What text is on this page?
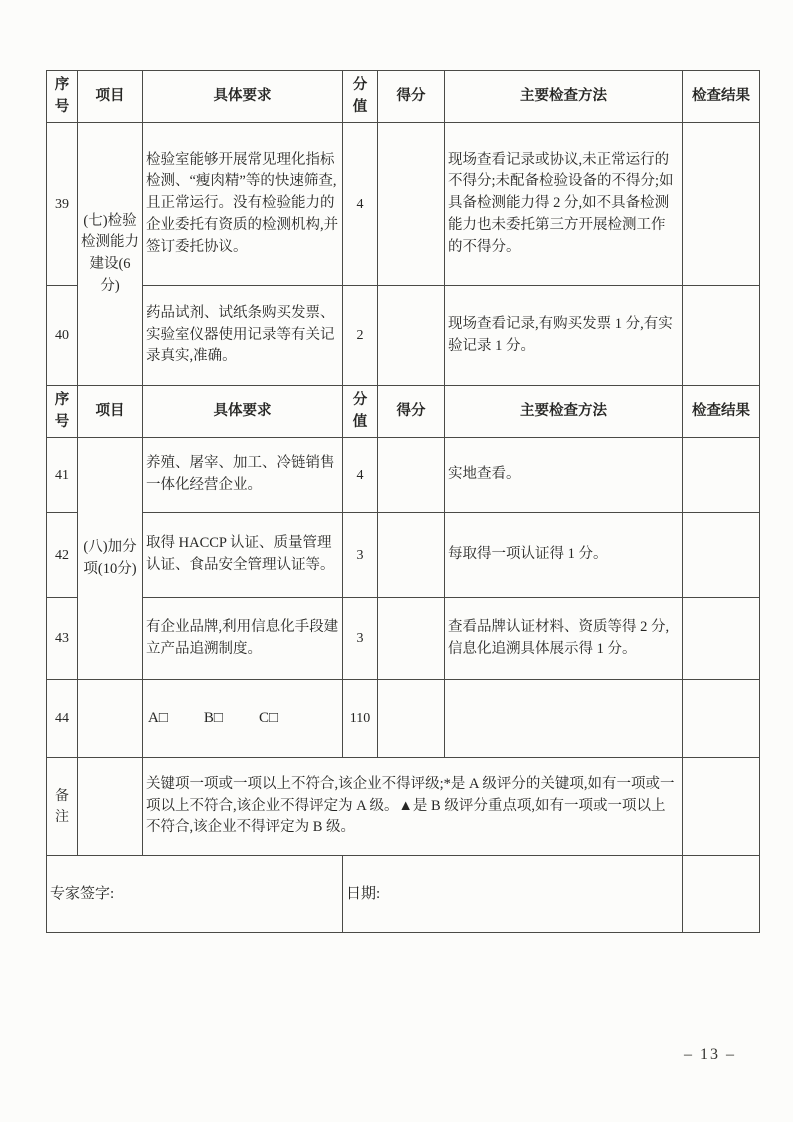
序号	项目	具体要求	分值	得分	主要检查方法	检查结果
39	(七)检验检测能力建设(6分)	检验室能够开展常见理化指标检测、“瘦肉精”等的快速筛查,且正常运行。没有检验能力的企业委托有资质的检测机构,并签订委托协议。	4		现场查看记录或协议,未正常运行的不得分;未配备检验设备的不得分;如具备检测能力得 2 分,如不具备检测能力也未委托第三方开展检测工作的不得分。	
40		药品试剂、试纸条购买发票、实验室仪器使用记录等有关记录真实,准确。	2		现场查看记录,有购买发票 1 分,有实验记录 1 分。	
序号	项目	具体要求	分值	得分	主要检查方法	检查结果
41	(八)加分项(10分)	养殖、屠宰、加工、冷链销售一体化经营企业。	4		实地查看。	
42		取得 HACCP 认证、质量管理认证、食品安全管理认证等。	3		每取得一项认证得 1 分。	
43		有企业品牌,利用信息化手段建立产品追溯制度。	3		查看品牌认证材料、资质等得 2 分,信息化追溯具体展示得 1 分。	
44		A□ B□ C□	110			
备注		关键项一项或一项以上不符合,该企业不得评级;*是 A 级评分的关键项,如有一项或一项以上不符合,该企业不得评定为 A 级。▲是 B 级评分重点项,如有一项或一项以上不符合,该企业不得评定为 B 级。				
专家签字:			日期:			
– 13 –
